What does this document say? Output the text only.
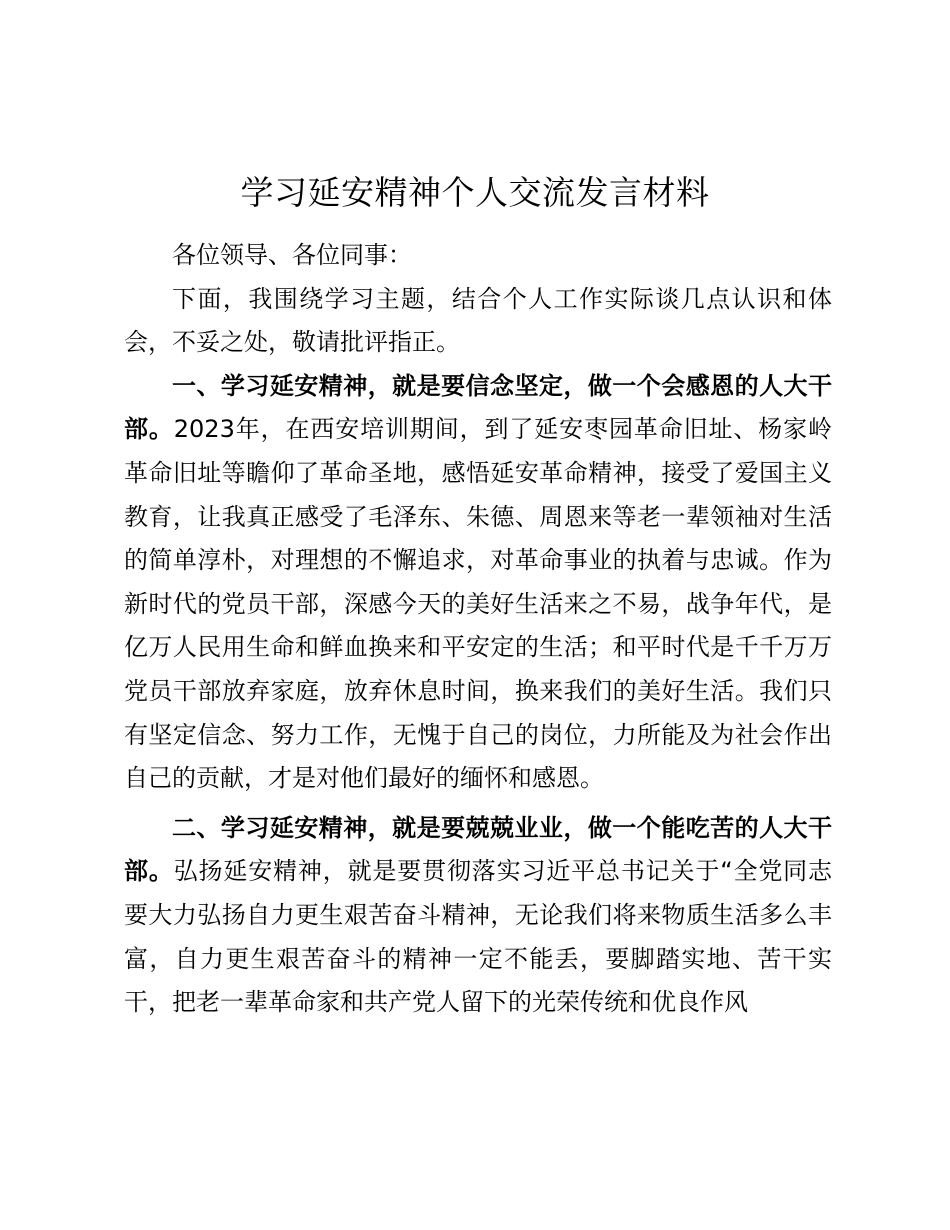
学习延安精神个人交流发言材料

各位领导、各位同事：

下面，我围绕学习主题，结合个人工作实际谈几点认识和体会，不妥之处，敬请批评指正。

一、学习延安精神，就是要信念坚定，做一个会感恩的人大干部。2023年，在西安培训期间，到了延安枣园革命旧址、杨家岭革命旧址等瞻仰了革命圣地，感悟延安革命精神，接受了爱国主义教育，让我真正感受了毛泽东、朱德、周恩来等老一辈领袖对生活的简单淳朴，对理想的不懈追求，对革命事业的执着与忠诚。作为新时代的党员干部，深感今天的美好生活来之不易，战争年代，是亿万人民用生命和鲜血换来和平安定的生活；和平时代是千千万万党员干部放弃家庭，放弃休息时间，换来我们的美好生活。我们只有坚定信念、努力工作，无愧于自己的岗位，力所能及为社会作出自己的贡献，才是对他们最好的缅怀和感恩。

二、学习延安精神，就是要兢兢业业，做一个能吃苦的人大干部。弘扬延安精神，就是要贯彻落实习近平总书记关于“全党同志要大力弘扬自力更生艰苦奋斗精神，无论我们将来物质生活多么丰富，自力更生艰苦奋斗的精神一定不能丢，要脚踏实地、苦干实干，把老一辈革命家和共产党人留下的光荣传统和优良作风
